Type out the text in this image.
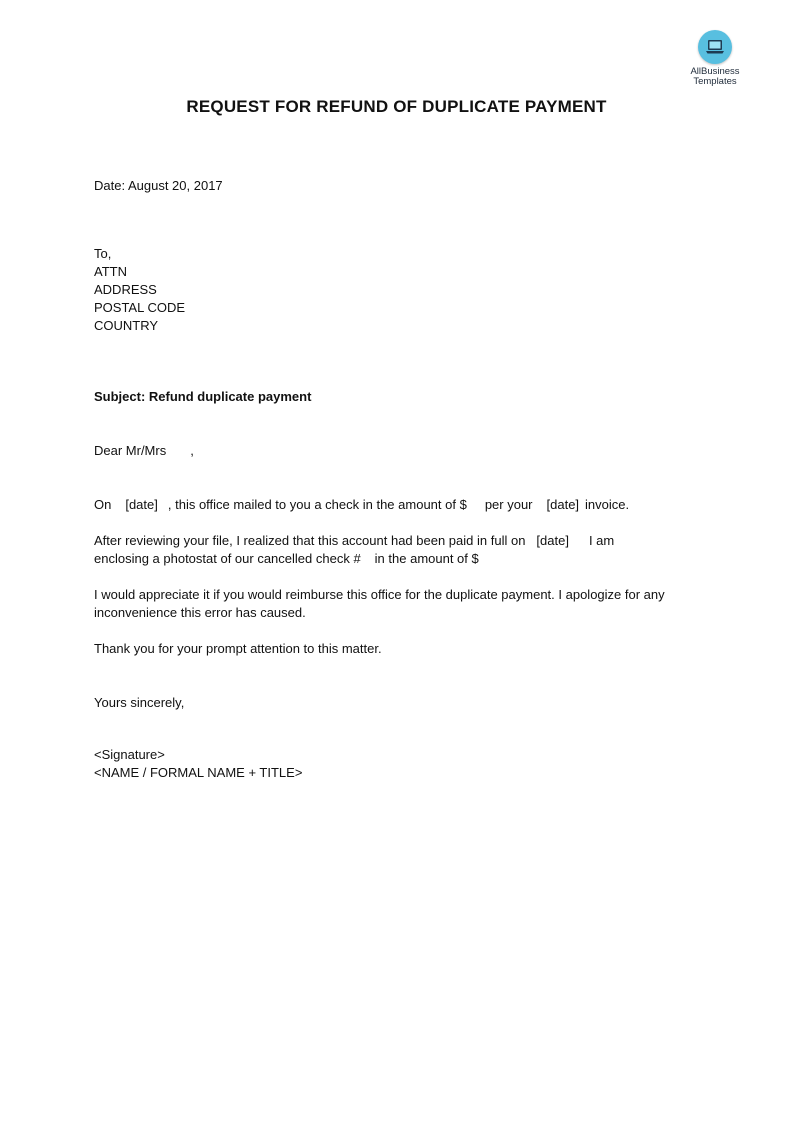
AllBusiness
Templates
REQUEST FOR REFUND OF DUPLICATE PAYMENT
Date: August 20, 2017
To,
ATTN
ADDRESS
POSTAL CODE
COUNTRY
Subject: Refund duplicate payment
Dear Mr/Mrs ,
On [date] , this office mailed to you a check in the amount of $ per your [date] invoice.
After reviewing your file, I realized that this account had been paid in full on [date] I am
enclosing a photostat of our cancelled check # in the amount of $
I would appreciate it if you would reimburse this office for the duplicate payment. I apologize for any
inconvenience this error has caused.
Thank you for your prompt attention to this matter.
Yours sincerely,
<Signature>
<NAME / FORMAL NAME + TITLE>
